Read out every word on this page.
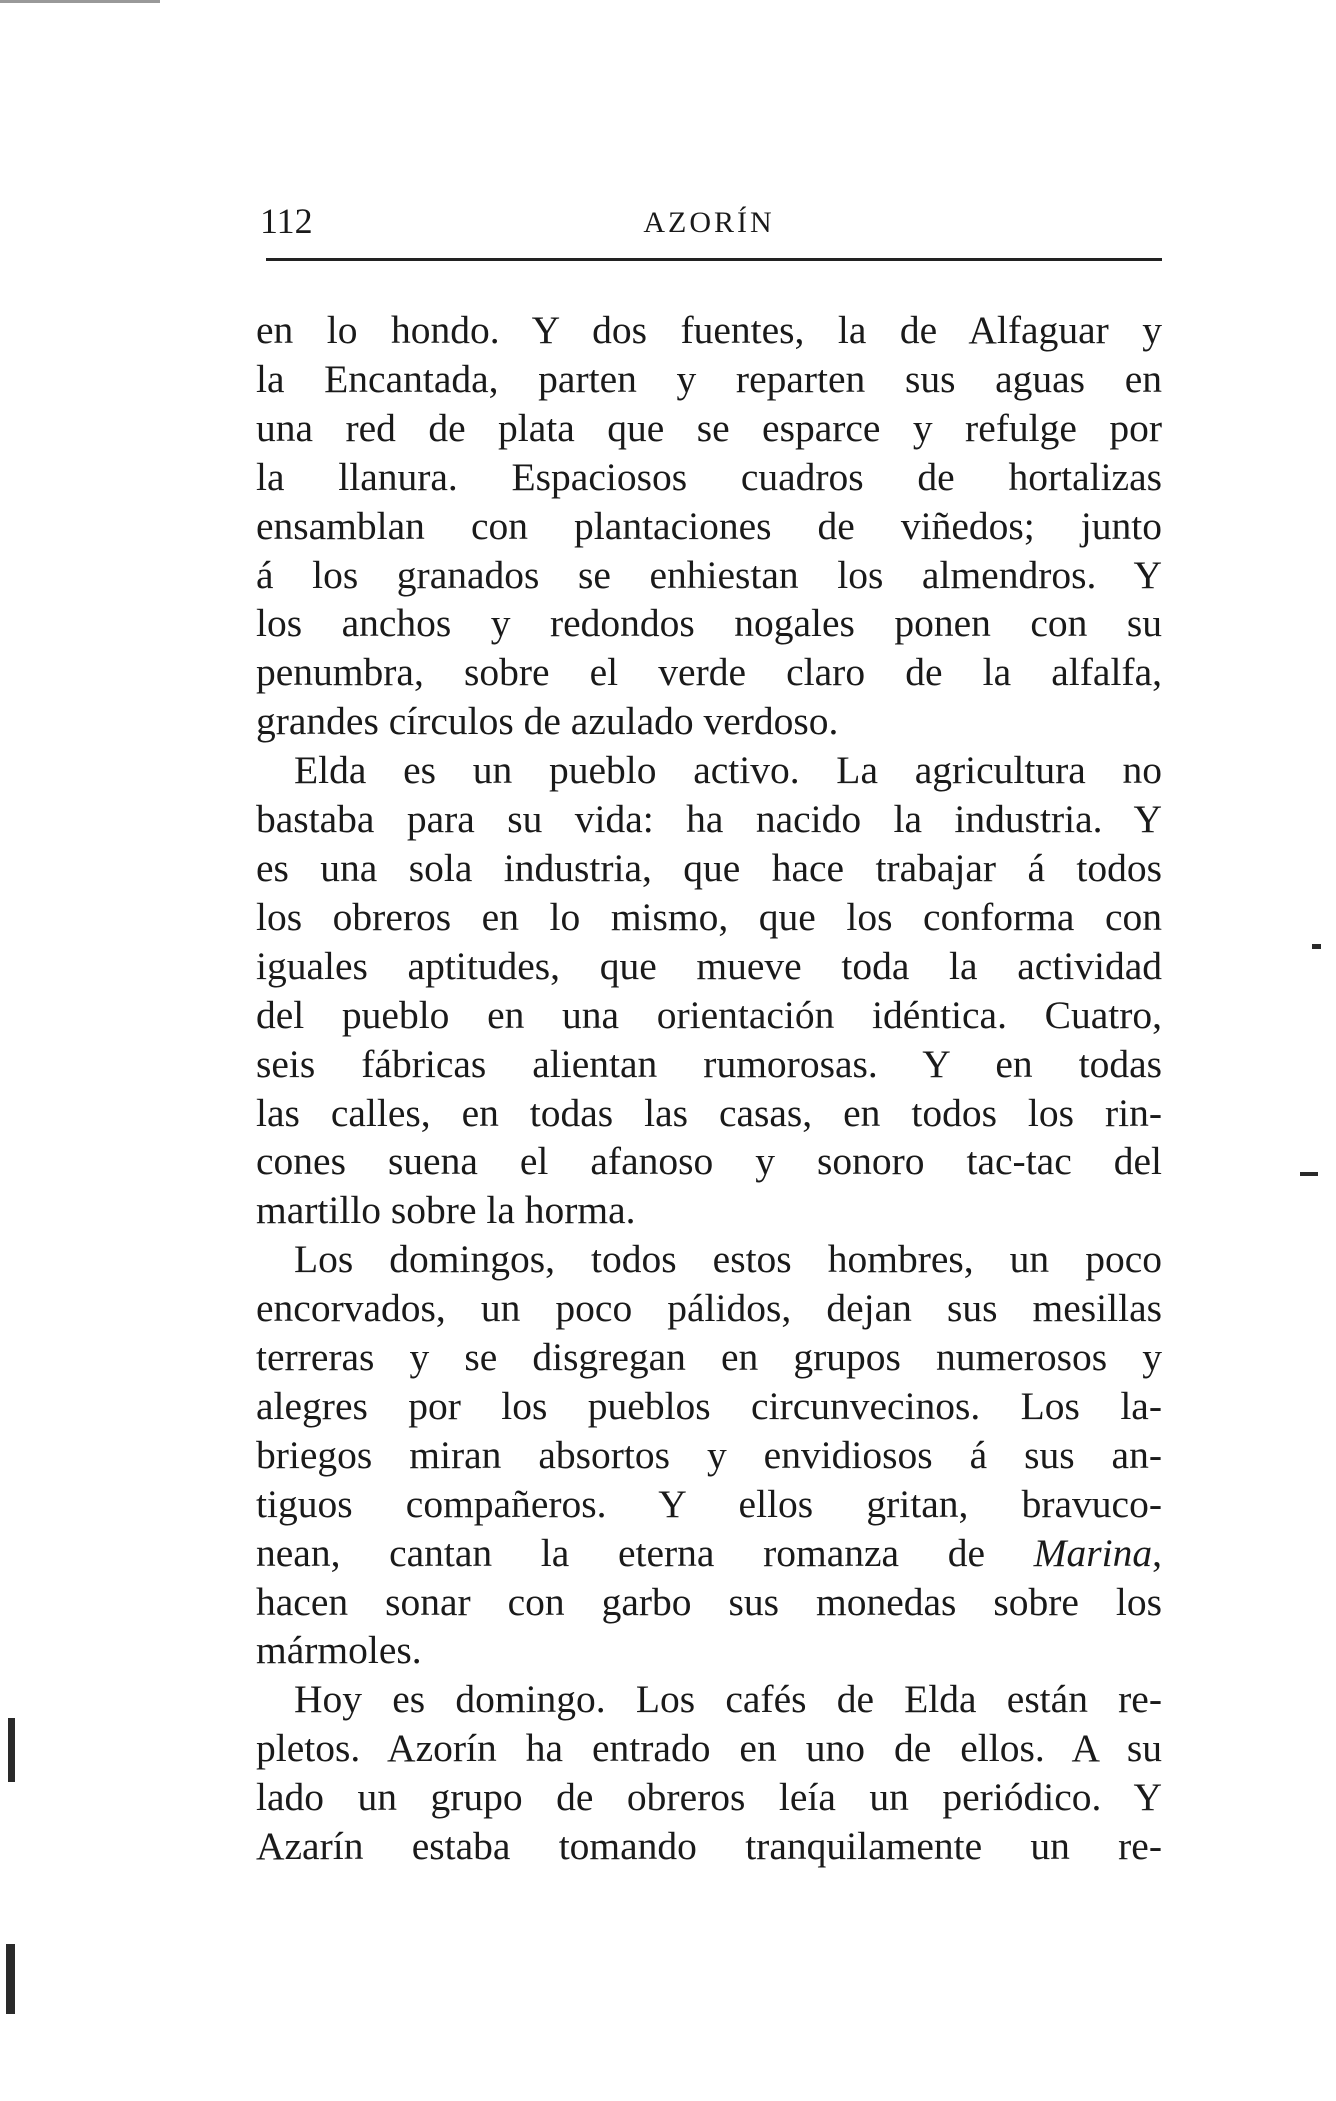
112	AZORÍN
en lo hondo. Y dos fuentes, la de Alfaguar y
la Encantada, parten y reparten sus aguas en
una red de plata que se esparce y refulge por
la llanura. Espaciosos cuadros de hortalizas
ensamblan con plantaciones de viñedos; junto
á los granados se enhiestan los almendros. Y
los anchos y redondos nogales ponen con su
penumbra, sobre el verde claro de la alfalfa,
grandes círculos de azulado verdoso.
Elda es un pueblo activo. La agricultura no
bastaba para su vida: ha nacido la industria. Y
es una sola industria, que hace trabajar á todos
los obreros en lo mismo, que los conforma con
iguales aptitudes, que mueve toda la actividad
del pueblo en una orientación idéntica. Cuatro,
seis fábricas alientan rumorosas. Y en todas
las calles, en todas las casas, en todos los rin-
cones suena el afanoso y sonoro tac-tac del
martillo sobre la horma.
Los domingos, todos estos hombres, un poco
encorvados, un poco pálidos, dejan sus mesillas
terreras y se disgregan en grupos numerosos y
alegres por los pueblos circunvecinos. Los la-
briegos miran absortos y envidiosos á sus an-
tiguos compañeros. Y ellos gritan, bravuco-
nean, cantan la eterna romanza de Marina,
hacen sonar con garbo sus monedas sobre los
mármoles.
Hoy es domingo. Los cafés de Elda están re-
pletos. Azorín ha entrado en uno de ellos. A su
lado un grupo de obreros leía un periódico. Y
Azarín estaba tomando tranquilamente un re-
